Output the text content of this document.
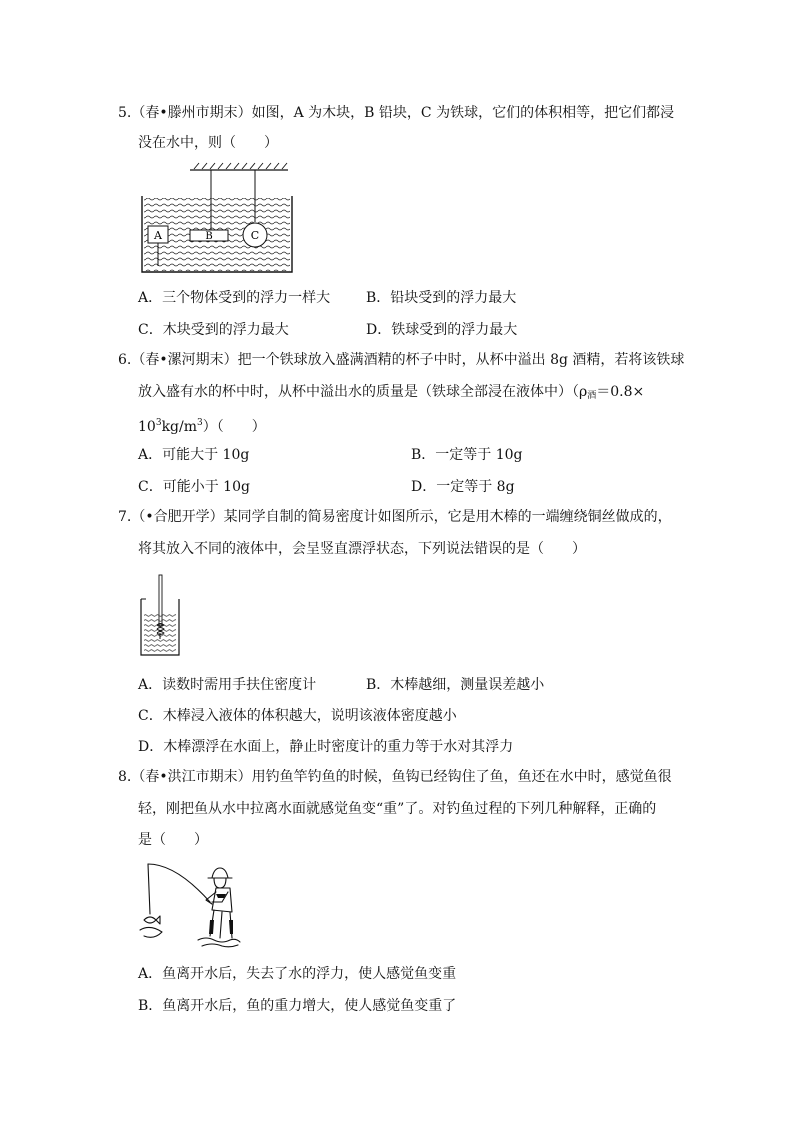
5.（春•滕州市期末）如图，A 为木块，B 铅块，C 为铁球，它们的体积相等，把它们都浸
没在水中，则（　　）
A	B	C
A．三个物体受到的浮力一样大	B．铅块受到的浮力最大
C．木块受到的浮力最大	D．铁球受到的浮力最大
6.（春•漯河期末）把一个铁球放入盛满酒精的杯子中时，从杯中溢出 8g 酒精，若将该铁球
放入盛有水的杯中时，从杯中溢出水的质量是（铁球全部浸在液体中）（$\rho_酒=0.8\times$
$10^3kg/m^3$）（　　）
A．可能大于 10g	B．一定等于 10g
C．可能小于 10g	D．一定等于 8g
7.（•合肥开学）某同学自制的简易密度计如图所示，它是用木棒的一端缠绕铜丝做成的，
将其放入不同的液体中，会呈竖直漂浮状态，下列说法错误的是（　　）
A．读数时需用手扶住密度计	B．木棒越细，测量误差越小
C．木棒浸入液体的体积越大，说明该液体密度越小
D．木棒漂浮在水面上，静止时密度计的重力等于水对其浮力
8.（春•洪江市期末）用钓鱼竿钓鱼的时候，鱼钩已经钩住了鱼，鱼还在水中时，感觉鱼很
轻，刚把鱼从水中拉离水面就感觉鱼变“重”了。对钓鱼过程的下列几种解释，正确的
是（　　）
A．鱼离开水后，失去了水的浮力，使人感觉鱼变重
B．鱼离开水后，鱼的重力增大，使人感觉鱼变重了
